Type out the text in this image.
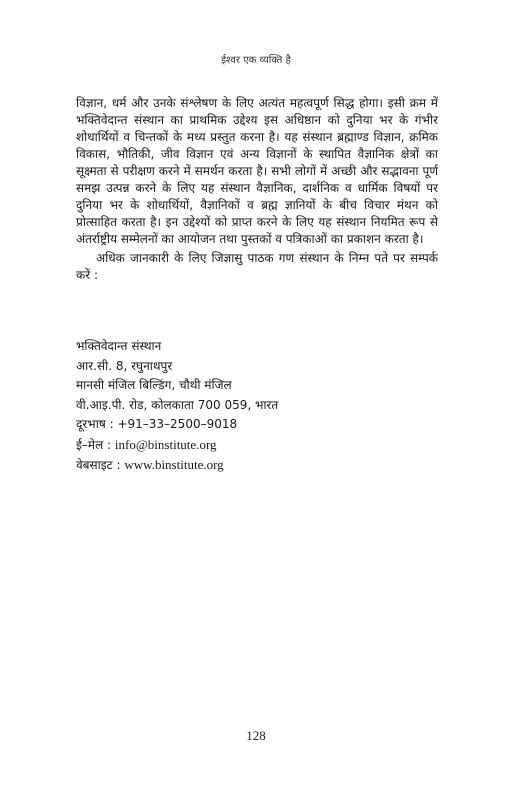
ईश्वर एक व्यक्ति है

विज्ञान, धर्म और उनके संश्लेषण के लिए अत्यंत महत्वपूर्ण सिद्ध होगा। इसी क्रम में भक्तिवेदान्त संस्थान का प्राथमिक उद्देश्य इस अधिष्ठान को दुनिया भर के गंभीर शोधार्थियों व चिन्तकों के मध्य प्रस्तुत करना है। यह संस्थान ब्रह्माण्ड विज्ञान, क्रमिक विकास, भौतिकी, जीव विज्ञान एवं अन्य विज्ञानों के स्थापित वैज्ञानिक क्षेत्रों का सूक्ष्मता से परीक्षण करने में समर्थन करता है। सभी लोगों में अच्छी और सद्भावना पूर्ण समझ उत्पन्न करने के लिए यह संस्थान वैज्ञानिक, दार्शनिक व धार्मिक विषयों पर दुनिया भर के शोधार्थियों, वैज्ञानिकों व ब्रह्म ज्ञानियों के बीच विचार मंथन को प्रोत्साहित करता है। इन उद्देश्यों को प्राप्त करने के लिए यह संस्थान नियमित रूप से अंतर्राष्ट्रीय सम्मेलनों का आयोजन तथा पुस्तकों व पत्रिकाओं का प्रकाशन करता है।

अधिक जानकारी के लिए जिज्ञासु पाठक गण संस्थान के निम्न पते पर सम्पर्क करें :

भक्तिवेदान्त संस्थान
आर.सी. 8, रघुनाथपुर
मानसी मंजिल बिल्डिंग, चौथी मंजिल
वी.आइ.पी. रोड, कोलकाता 700 059, भारत
दूरभाष : +91–33–2500–9018
ई–मेल : info@binstitute.org
वेबसाइट : www.binstitute.org
128
